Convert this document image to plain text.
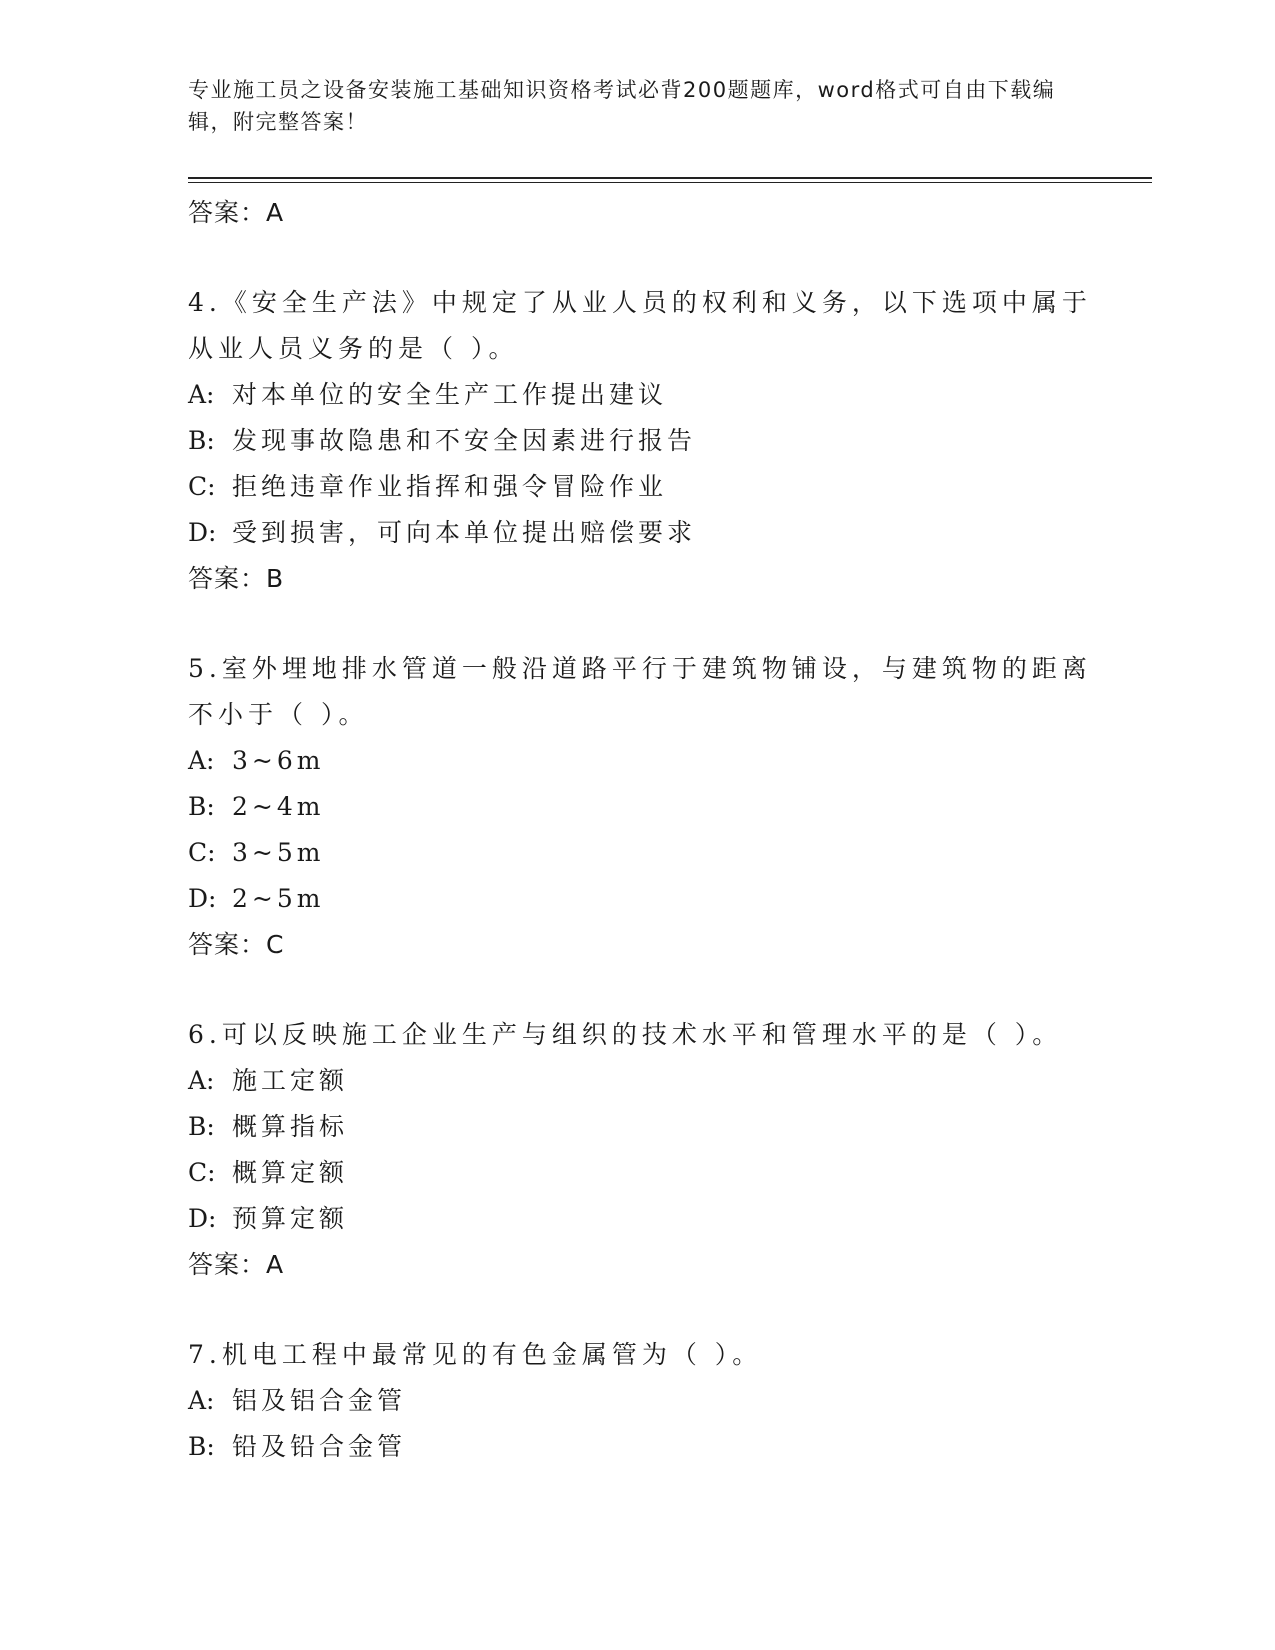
专业施工员之设备安装施工基础知识资格考试必背200题题库，word格式可自由下载编辑，附完整答案！

答案：A

4.《安全生产法》中规定了从业人员的权利和义务，以下选项中属于从业人员义务的是（ ）。

A: 对本单位的安全生产工作提出建议

B: 发现事故隐患和不安全因素进行报告

C: 拒绝违章作业指挥和强令冒险作业

D: 受到损害，可向本单位提出赔偿要求

答案：B

5.室外埋地排水管道一般沿道路平行于建筑物铺设，与建筑物的距离不小于（ ）。

A: 3~6m

B: 2~4m

C: 3~5m

D: 2~5m

答案：C

6.可以反映施工企业生产与组织的技术水平和管理水平的是（ ）。

A: 施工定额

B: 概算指标

C: 概算定额

D: 预算定额

答案：A

7.机电工程中最常见的有色金属管为（ ）。

A: 铝及铝合金管

B: 铅及铅合金管
